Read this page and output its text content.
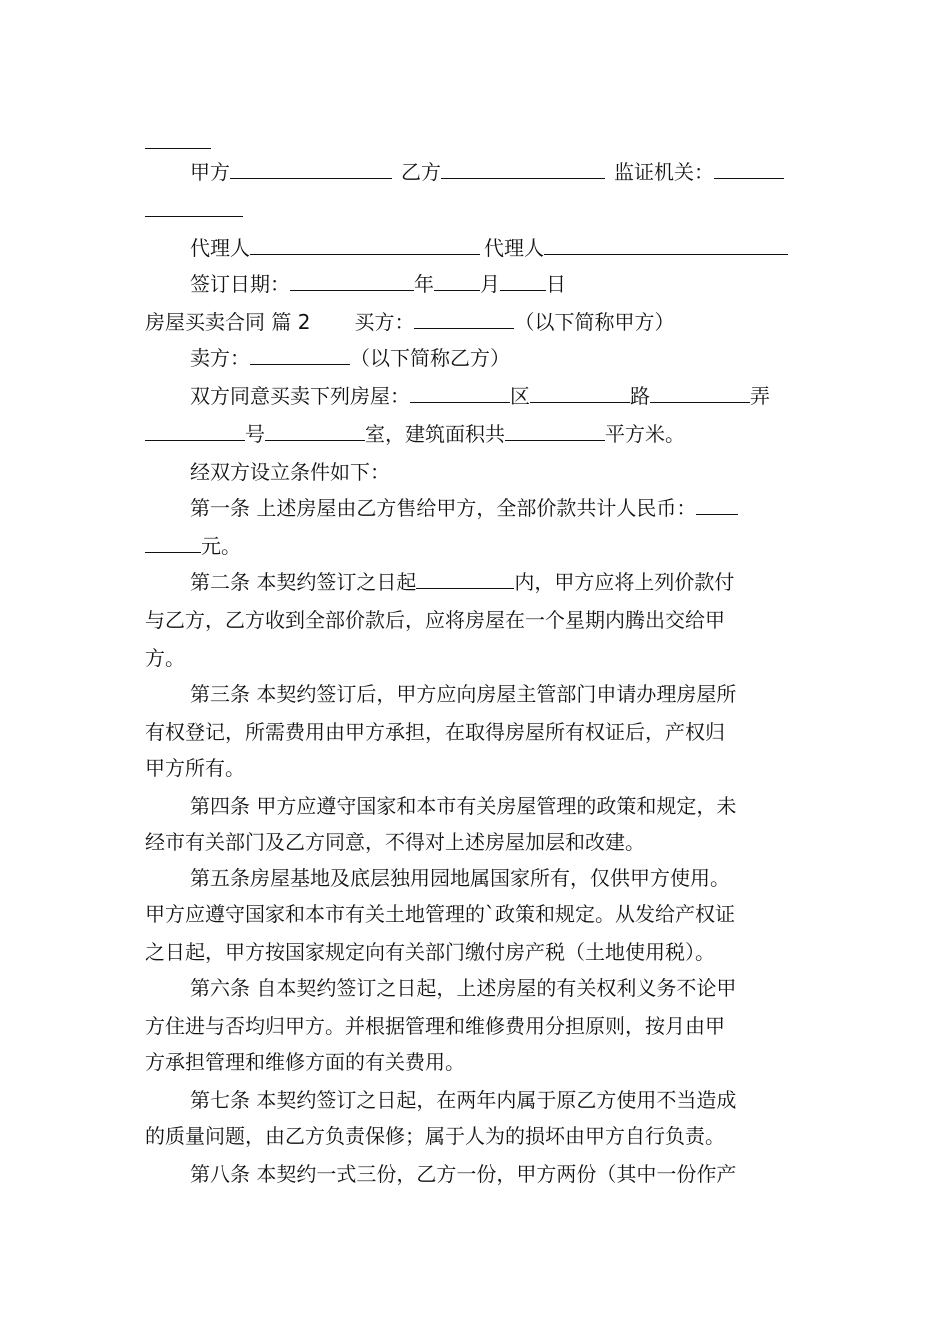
甲方	乙方	监证机关：
代理人	代理人
签订日期：	年 月 日
房屋买卖合同 篇 2 买方：	（以下简称甲方）
卖方：	（以下简称乙方）
双方同意买卖下列房屋：	区	路	弄
号	室，建筑面积共	平方米。
经双方设立条件如下：
第一条 上述房屋由乙方售给甲方，全部价款共计人民币：
元。
第二条 本契约签订之日起	内，甲方应将上列价款付
与乙方，乙方收到全部价款后，应将房屋在一个星期内腾出交给甲
方。
第三条 本契约签订后，甲方应向房屋主管部门申请办理房屋所
有权登记，所需费用由甲方承担，在取得房屋所有权证后，产权归
甲方所有。
第四条 甲方应遵守国家和本市有关房屋管理的政策和规定，未
经市有关部门及乙方同意，不得对上述房屋加层和改建。
第五条房屋基地及底层独用园地属国家所有，仅供甲方使用。
甲方应遵守国家和本市有关土地管理的`政策和规定。从发给产权证
之日起，甲方按国家规定向有关部门缴付房产税（土地使用税）。
第六条 自本契约签订之日起，上述房屋的有关权利义务不论甲
方住进与否均归甲方。并根据管理和维修费用分担原则，按月由甲
方承担管理和维修方面的有关费用。
第七条 本契约签订之日起，在两年内属于原乙方使用不当造成
的质量问题，由乙方负责保修；属于人为的损坏由甲方自行负责。
第八条 本契约一式三份，乙方一份，甲方两份（其中一份作产
